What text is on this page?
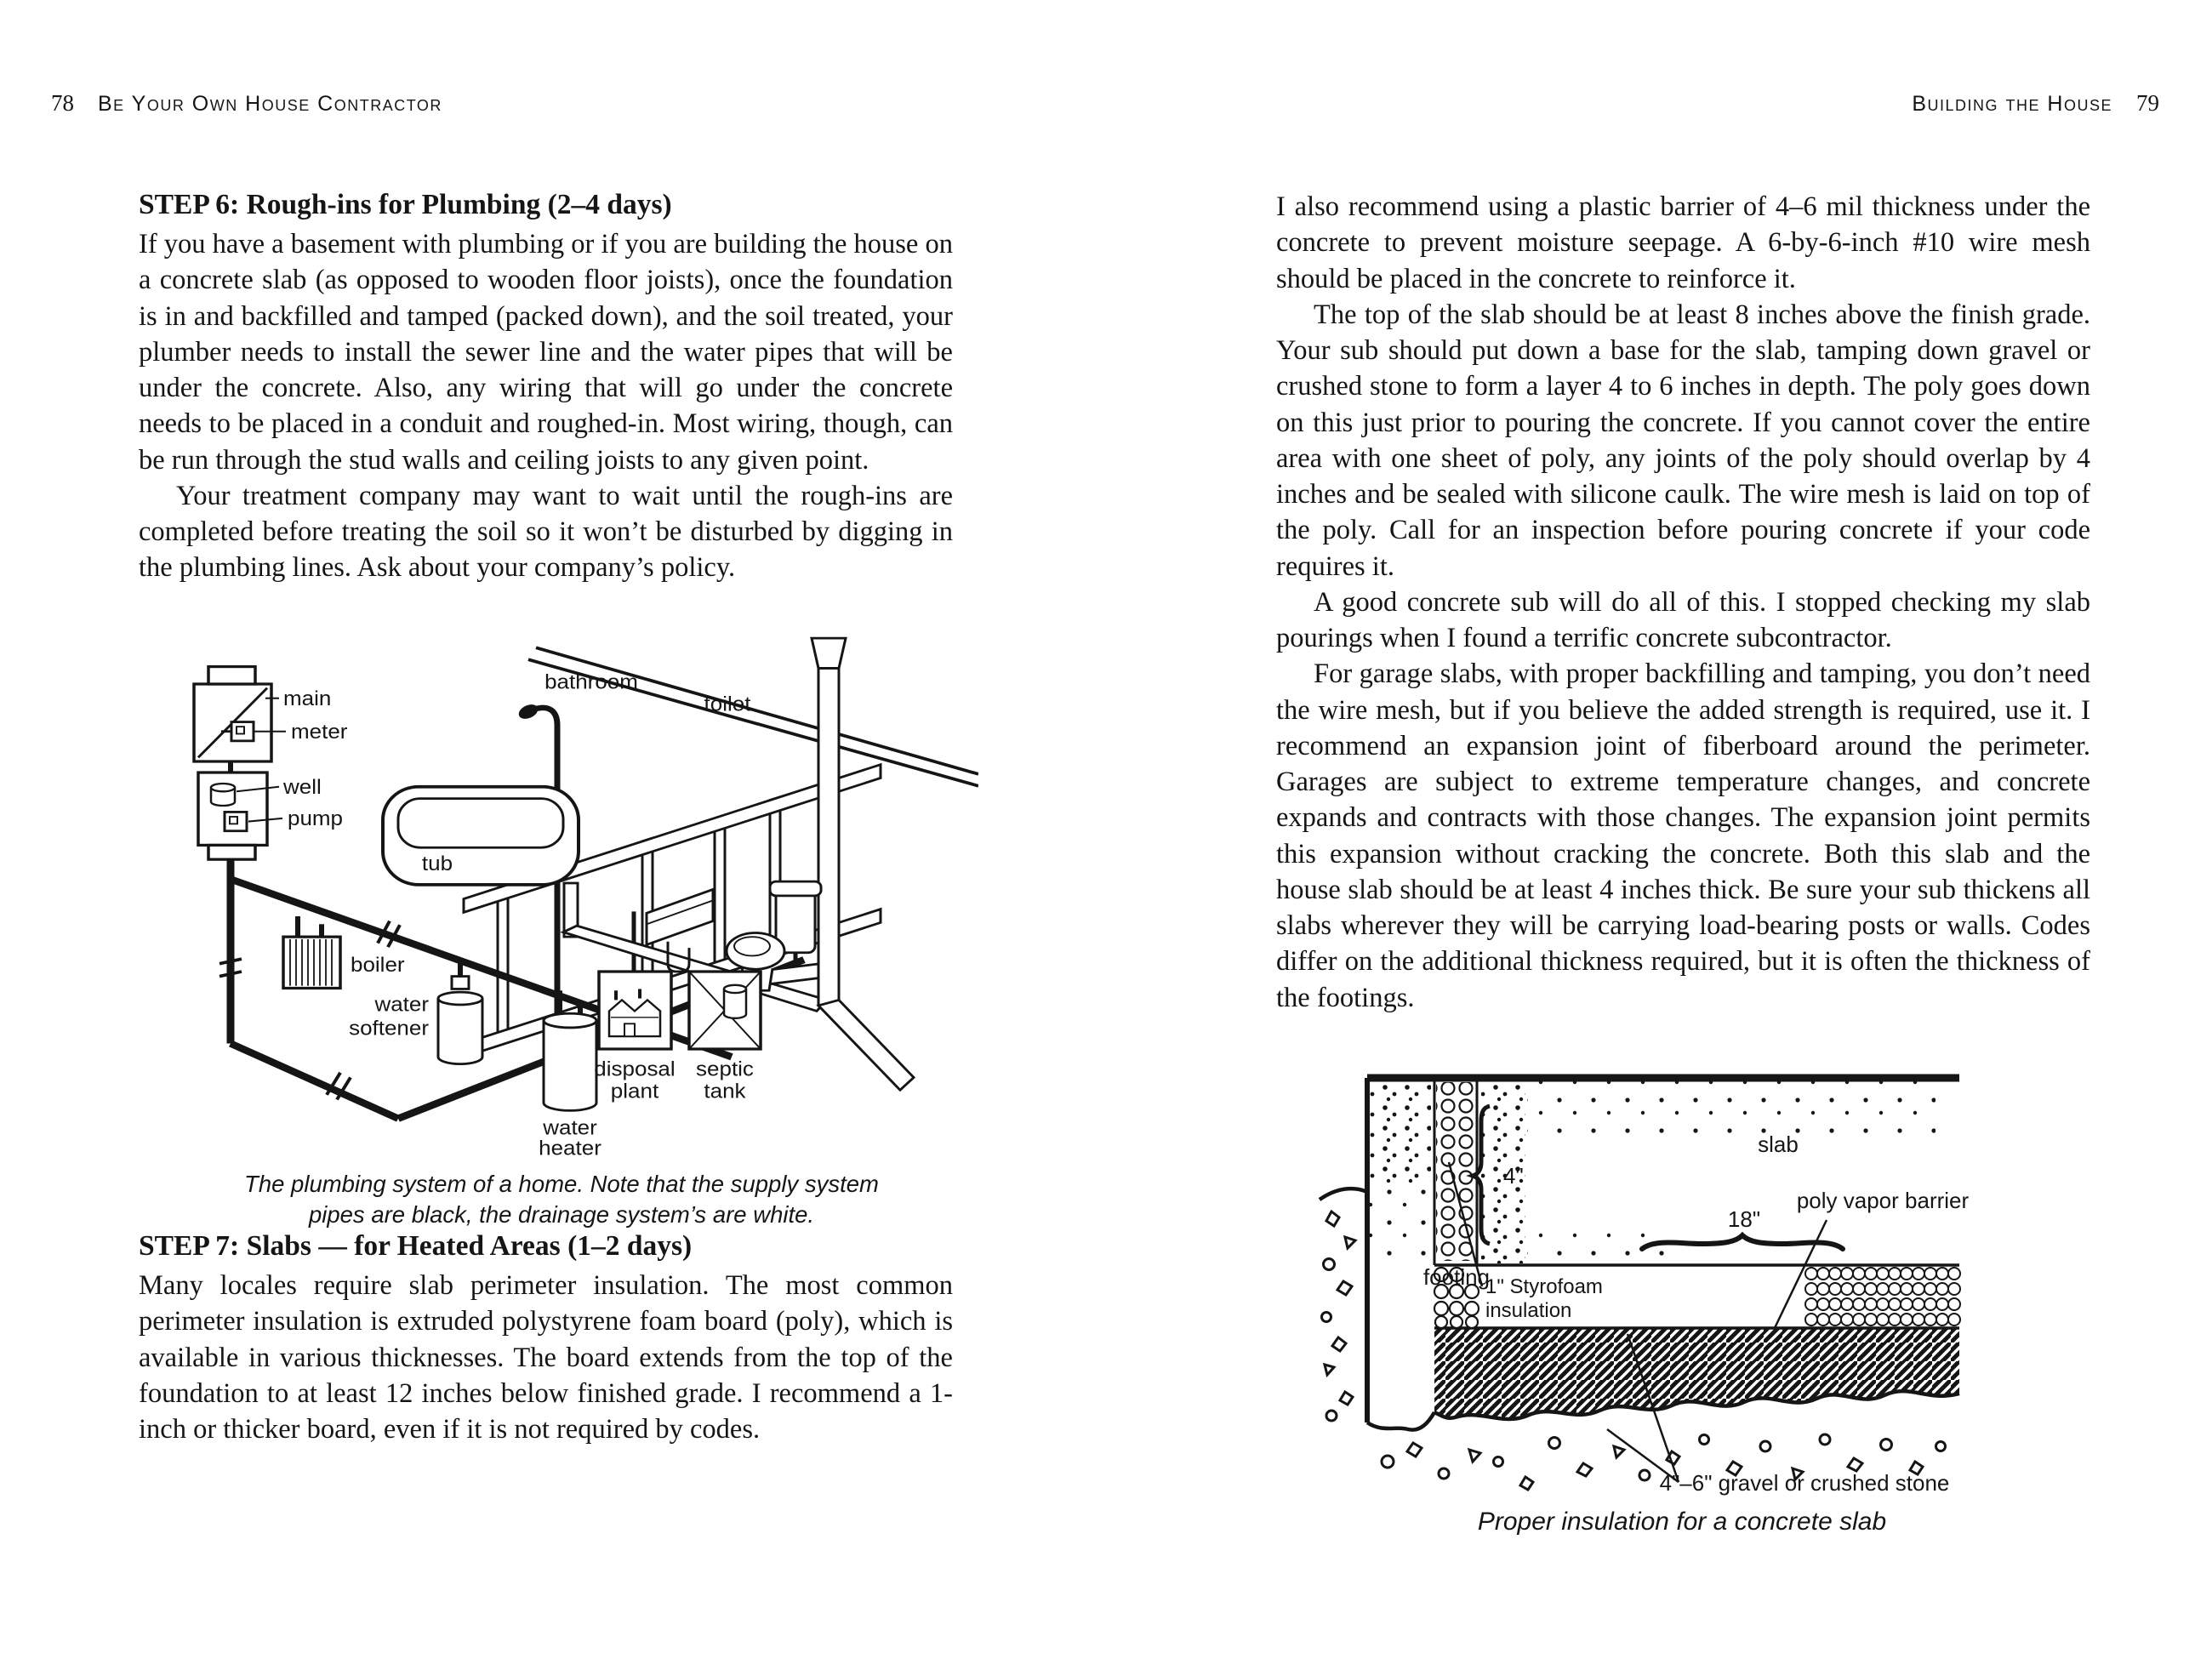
78 Be Your Own House Contractor	Building the House 79
STEP 6: Rough-ins for Plumbing (2–4 days)

If you have a basement with plumbing or if you are building the house on a concrete slab (as opposed to wooden floor joists), once the foundation is in and backfilled and tamped (packed down), and the soil treated, your plumber needs to install the sewer line and the water pipes that will be under the concrete. Also, any wiring that will go under the concrete needs to be placed in a conduit and roughed-in. Most wiring, though, can be run through the stud walls and ceiling joists to any given point.

Your treatment company may want to wait until the rough-ins are completed before treating the soil so it won’t be disturbed by digging in the plumbing lines. Ask about your company’s policy.

main
meter
well
pump
bathroom
toilet
tub
boiler
water
softener
water
heater
disposal
plant
septic
tank
The plumbing system of a home. Note that the supply system pipes are black, the drainage system’s are white.
STEP 7: Slabs — for Heated Areas (1–2 days)

Many locales require slab perimeter insulation. The most common perimeter insulation is extruded polystyrene foam board (poly), which is available in various thicknesses. The board extends from the top of the foundation to at least 12 inches below finished grade. I recommend a 1-inch or thicker board, even if it is not required by codes.

I also recommend using a plastic barrier of 4–6 mil thickness under the concrete to prevent moisture seepage. A 6-by-6-inch #10 wire mesh should be placed in the concrete to reinforce it.

The top of the slab should be at least 8 inches above the finish grade. Your sub should put down a base for the slab, tamping down gravel or crushed stone to form a layer 4 to 6 inches in depth. The poly goes down on this just prior to pouring the concrete. If you cannot cover the entire area with one sheet of poly, any joints of the poly should overlap by 4 inches and be sealed with silicone caulk. The wire mesh is laid on top of the poly. Call for an inspection before pouring concrete if your code requires it.

A good concrete sub will do all of this. I stopped checking my slab pourings when I found a terrific concrete subcontractor.

For garage slabs, with proper backfilling and tamping, you don’t need the wire mesh, but if you believe the added strength is required, use it. I recommend an expansion joint of fiberboard around the perimeter. Garages are subject to extreme temperature changes, and concrete expands and contracts with those changes. The expansion joint permits this expansion without cracking the concrete. Both this slab and the house slab should be at least 4 inches thick. Be sure your sub thickens all slabs wherever they will be carrying load-bearing posts or walls. Codes differ on the additional thickness required, but it is often the thickness of the footings.

footing
slab
4"
18"
poly vapor barrier
1" Styrofoam
insulation
4"–6" gravel or crushed stone
Proper insulation for a concrete slab
